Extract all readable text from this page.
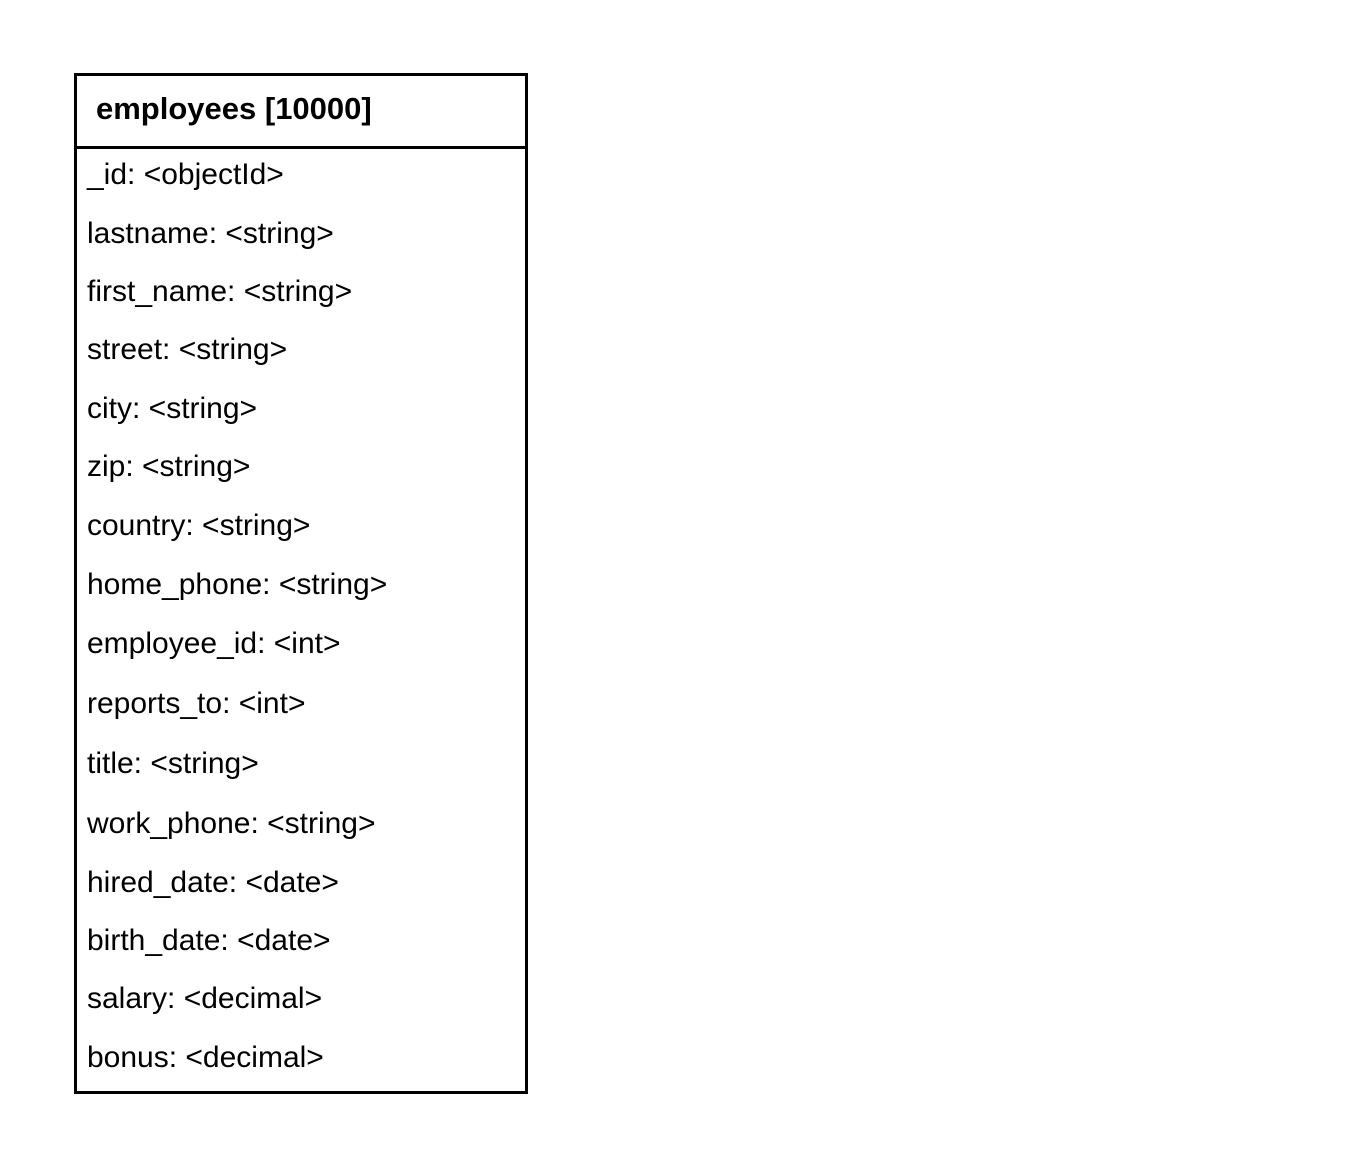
employees [10000]
_id: <objectId>
lastname: <string>
first_name: <string>
street: <string>
city: <string>
zip: <string>
country: <string>
home_phone: <string>
employee_id: <int>
reports_to: <int>
title: <string>
work_phone: <string>
hired_date: <date>
birth_date: <date>
salary: <decimal>
bonus: <decimal>
